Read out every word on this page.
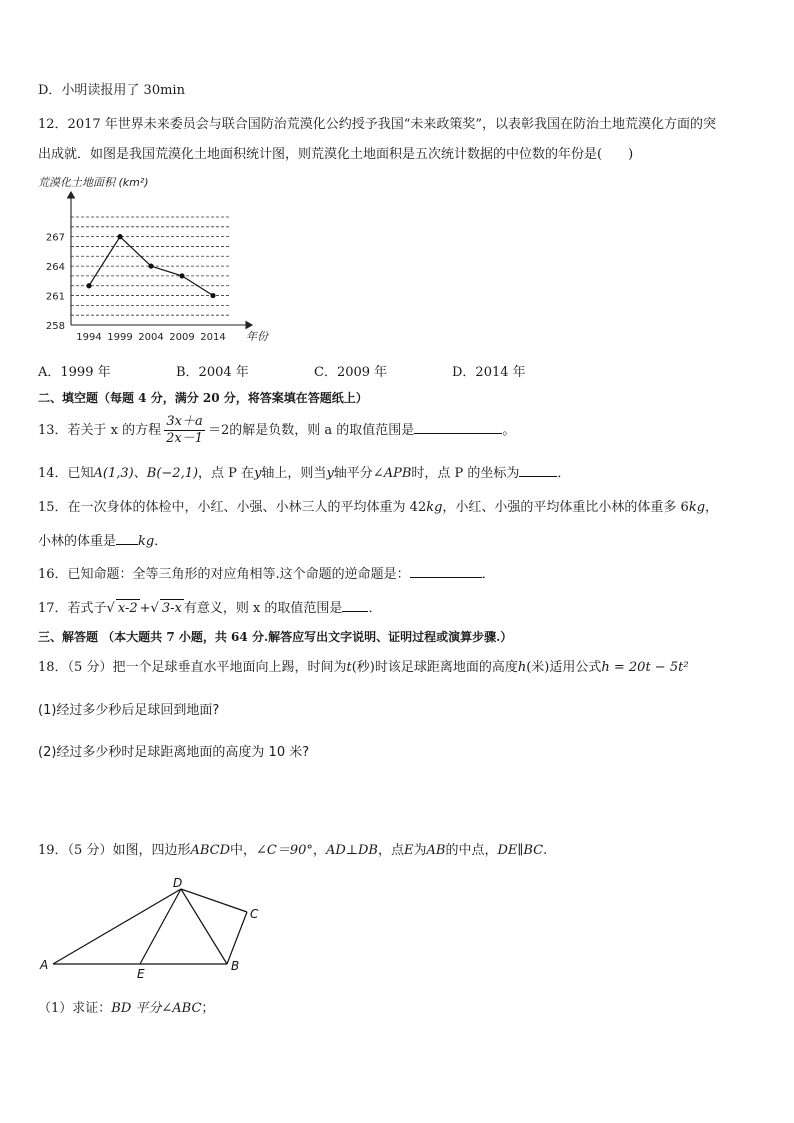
D．小明读报用了 30min
12．2017 年世界未来委员会与联合国防治荒漠化公约授予我国“未来政策奖”，以表彰我国在防治土地荒漠化方面的突
出成就．如图是我国荒漠化土地面积统计图，则荒漠化土地面积是五次统计数据的中位数的年份是(　　)
荒漠化土地面积 (km²)
258
261
264
267
1994 1999 2004 2009 2014 年份
A．1999 年	B．2004 年	C．2009 年	D．2014 年
二、填空题（每题 4 分，满分 20 分，将答案填在答题纸上）
13．若关于 x 的方程 $\frac{3x+a}{2x-1} =2$的解是负数，则 a 的取值范围是	。
14．已知A(1,3)、B(−2,1)，点 P 在y轴上，则当y轴平分∠APB时，点 P 的坐标为	．
15．在一次身体的体检中，小红、小强、小林三人的平均体重为 42kg，小红、小强的平均体重比小林的体重多 6kg，
小林的体重是 kg．
16．已知命题：全等三角形的对应角相等.这个命题的逆命题是：	．
17．若式子√ x-2 +√ 3-x 有意义，则 x 的取值范围是 ．
三、解答题 （本大题共 7 小题，共 64 分.解答应写出文字说明、证明过程或演算步骤.）
18．（5 分）把一个足球垂直水平地面向上踢，时间为t(秒)时该足球距离地面的高度h(米)适用公式h = 20t − 5t²
(1)经过多少秒后足球回到地面?
(2)经过多少秒时足球距离地面的高度为 10 米?
19．（5 分）如图，四边形ABCD中，∠C＝90°，AD⊥DB，点E为AB的中点，DE∥BC.
A
D
C
B
E
（1）求证：BD 平分∠ABC；
